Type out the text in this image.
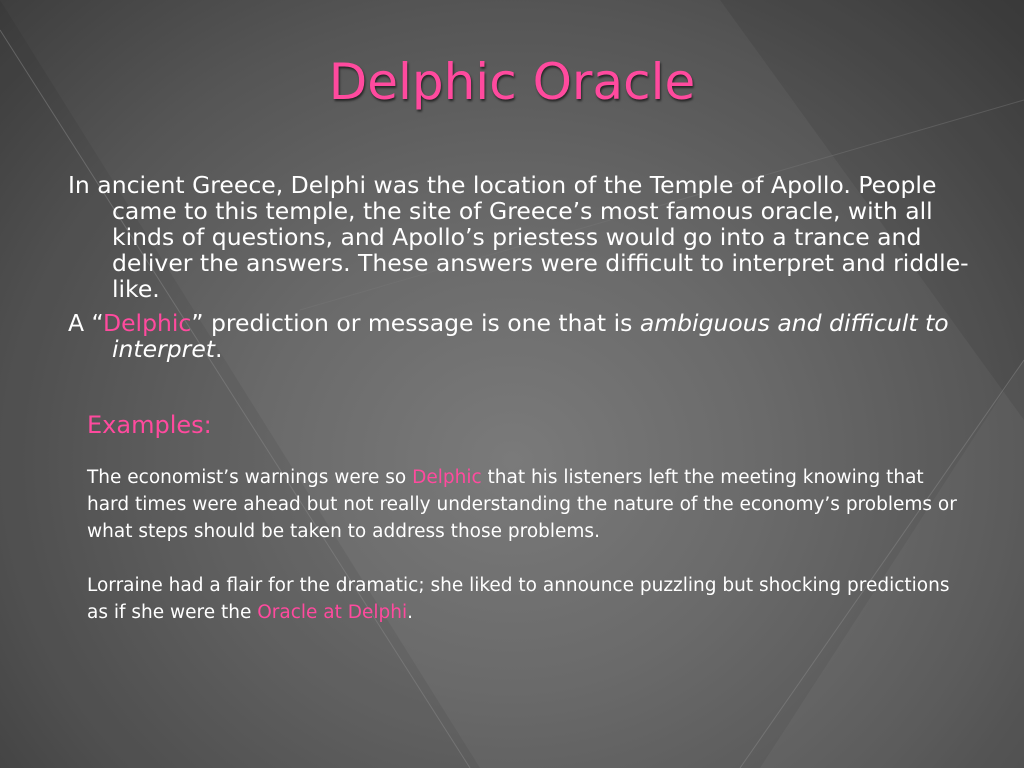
Delphic Oracle

In ancient Greece, Delphi was the location of the Temple of Apollo. People came to this temple, the site of Greece’s most famous oracle, with all kinds of questions, and Apollo’s priestess would go into a trance and deliver the answers. These answers were difficult to interpret and riddle-like.

A “Delphic” prediction or message is one that is ambiguous and difficult to interpret.

Examples:

The economist’s warnings were so Delphic that his listeners left the meeting knowing that hard times were ahead but not really understanding the nature of the economy’s problems or what steps should be taken to address those problems.

Lorraine had a flair for the dramatic; she liked to announce puzzling but shocking predictions as if she were the Oracle at Delphi.
